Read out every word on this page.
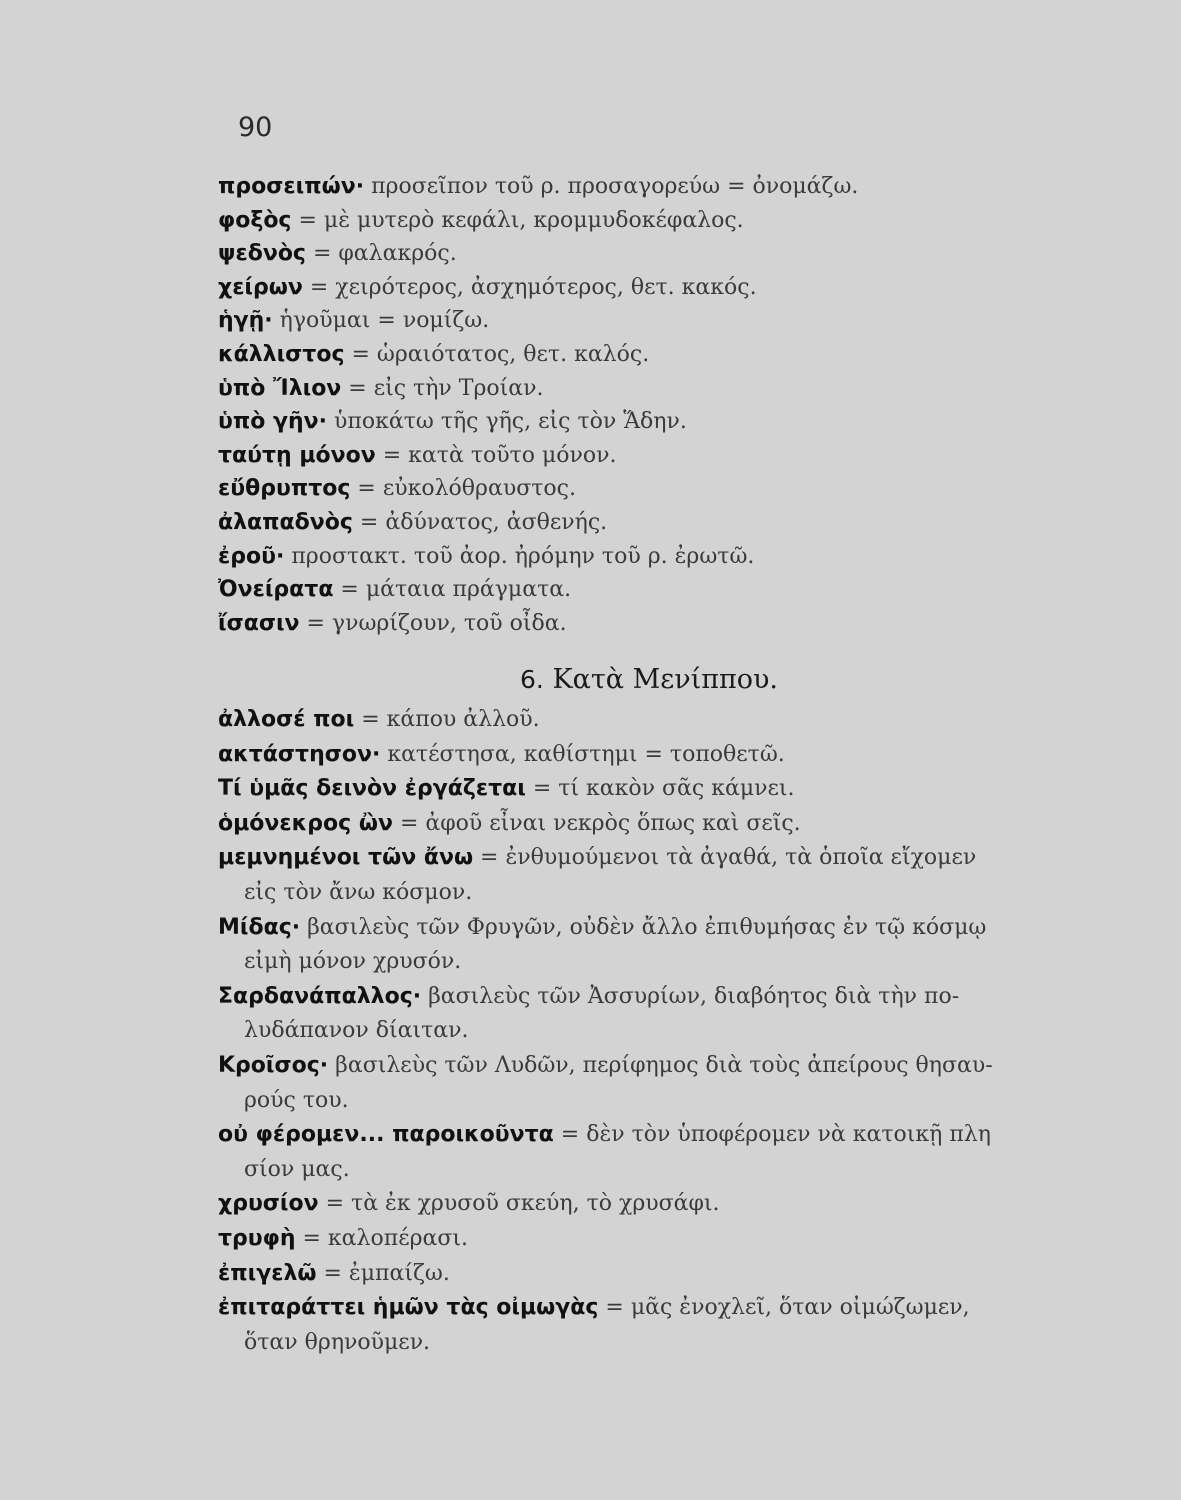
90
προσειπών· προσεῖπον τοῦ ρ. προσαγορεύω = ὀνομάζω.
φοξὸς = μὲ μυτερὸ κεφάλι, κρομμυδοκέφαλος.
ψεδνὸς = φαλακρός.
χείρων = χειρότερος, ἀσχημότερος, θετ. κακός.
ἡγῇ· ἡγοῦμαι = νομίζω.
κάλλιστος = ὡραιότατος, θετ. καλός.
ὑπὸ Ἴλιον = εἰς τὴν Τροίαν.
ὑπὸ γῆν· ὑποκάτω τῆς γῆς, εἰς τὸν Ἅδην.
ταύτῃ μόνον = κατὰ τοῦτο μόνον.
εὔθρυπτος = εὐκολόθραυστος.
ἀλαπαδνὸς = ἀδύνατος, ἀσθενής.
ἐροῦ· προστακτ. τοῦ ἀορ. ἠρόμην τοῦ ρ. ἐρωτῶ.
Ὀνείρατα = μάταια πράγματα.
ἴσασιν = γνωρίζουν, τοῦ οἶδα.
6. Κατὰ Μενίππου.
ἀλλοσέ ποι = κάπου ἀλλοῦ.
ακτάστησον· κατέστησα, καθίστημι = τοποθετῶ.
Τί ὑμᾶς δεινὸν ἐργάζεται = τί κακὸν σᾶς κάμνει.
ὁμόνεκρος ὢν = ἀφοῦ εἶναι νεκρὸς ὅπως καὶ σεῖς.
μεμνημένοι τῶν ἄνω = ἐνθυμούμενοι τὰ ἀγαθά, τὰ ὁποῖα εἴχομεν
εἰς τὸν ἄνω κόσμον.
Μίδας· βασιλεὺς τῶν Φρυγῶν, οὐδὲν ἄλλο ἐπιθυμήσας ἐν τῷ κόσμῳ
εἰμὴ μόνον χρυσόν.
Σαρδανάπαλλος· βασιλεὺς τῶν Ἀσσυρίων, διαβόητος διὰ τὴν πο-
λυδάπανον δίαιταν.
Κροῖσος· βασιλεὺς τῶν Λυδῶν, περίφημος διὰ τοὺς ἀπείρους θησαυ-
ρούς του.
οὐ φέρομεν... παροικοῦντα = δὲν τὸν ὑποφέρομεν νὰ κατοικῇ πλη
σίον μας.
χρυσίον = τὰ ἐκ χρυσοῦ σκεύη, τὸ χρυσάφι.
τρυφὴ = καλοπέρασι.
ἐπιγελῶ = ἐμπαίζω.
ἐπιταράττει ἡμῶν τὰς οἰμωγὰς = μᾶς ἐνοχλεῖ, ὅταν οἰμώζωμεν,
ὅταν θρηνοῦμεν.
